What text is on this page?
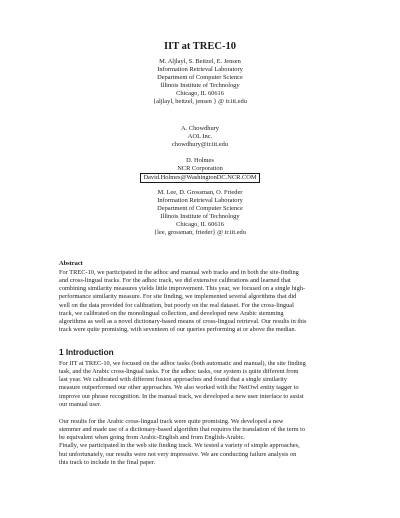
IIT at TREC-10
M. Aljlayl, S. Beitzel, E. Jensen
Information Retrieval Laboratory
Department of Computer Science
Illinois Institute of Technology
Chicago, IL 60616
{aljlayl, beitzel, jensen } @ ir.iit.edu
A. Chowdhury
AOL Inc.
chowdhury@ir.iit.edu
D. Holmes
NCR Corporation
David.Holmes@WashingtonDC.NCR.COM
M. Lee, D. Grossman, O. Frieder
Information Retrieval Laboratory
Department of Computer Science
Illinois Institute of Technology
Chicago, IL 60616
{lee, grossman, frieder} @ ir.iit.edu
Abstract
For TREC-10, we participated in the adhoc and manual web tracks and in both the site-finding
and cross-lingual tracks. For the adhoc track, we did extensive calibrations and learned that
combining similarity measures yields little improvement. This year, we focused on a single high-
performance similarity measure. For site finding, we implemented several algorithms that did
well on the data provided for calibration, but poorly on the real dataset. For the cross-lingual
track, we calibrated on the monolingual collection, and developed new Arabic stemming
algorithms as well as a novel dictionary-based means of cross-lingual retrieval. Our results in this
track were quite promising, with seventeen of our queries performing at or above the median.
1 Introduction
For IIT at TREC-10, we focused on the adhoc tasks (both automatic and manual), the site finding
task, and the Arabic cross-lingual tasks. For the adhoc tasks, our system is quite different from
last year. We calibrated with different fusion approaches and found that a single similarity
measure outperformed our other approaches. We also worked with the NetOwl entity tagger to
improve our phrase recognition. In the manual track, we developed a new user interface to assist
our manual user.
Our results for the Arabic cross-lingual track were quite promising. We developed a new
stemmer and made use of a dictionary-based algorithm that requires the translation of the term to
be equivalent when going from Arabic-English and from English-Arabic.
Finally, we participated in the web site finding track. We tested a variety of simple approaches,
but unfortunately, our results were not very impressive. We are conducting failure analysis on
this track to include in the final paper.
